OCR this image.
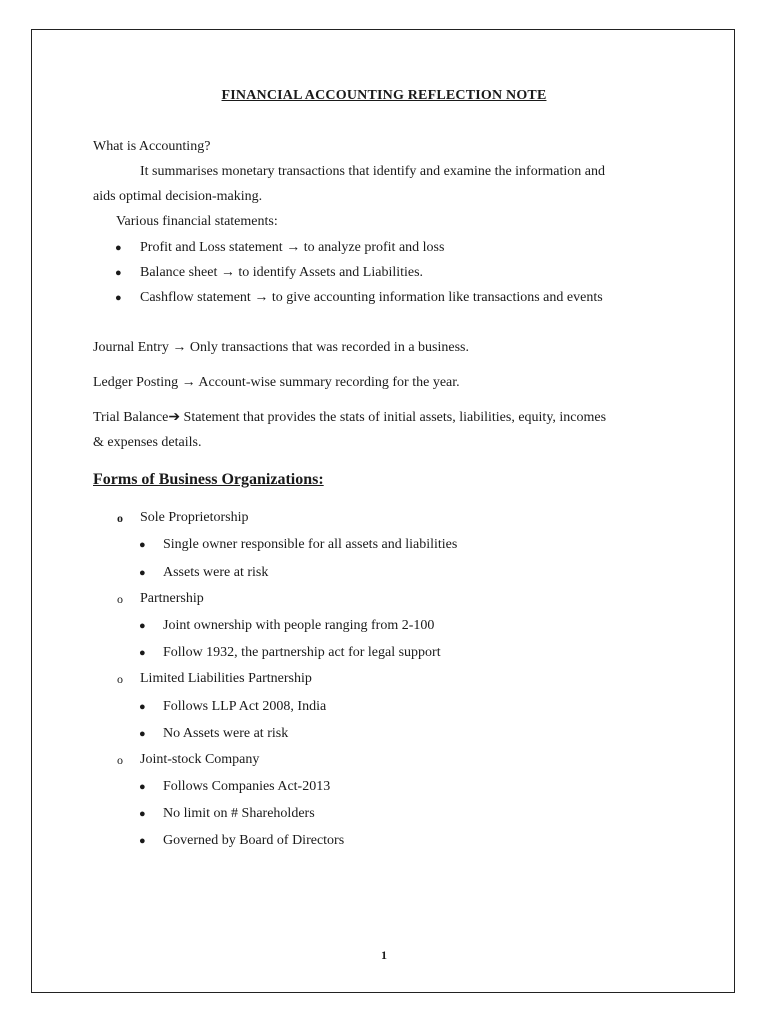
FINANCIAL ACCOUNTING REFLECTION NOTE
What is Accounting?
It summarises monetary transactions that identify and examine the information and
aids optimal decision-making.
Various financial statements:
● Profit and Loss statement → to analyze profit and loss
● Balance sheet → to identify Assets and Liabilities.
● Cashflow statement → to give accounting information like transactions and events
Journal Entry → Only transactions that was recorded in a business.
Ledger Posting → Account-wise summary recording for the year.
Trial Balance➔ Statement that provides the stats of initial assets, liabilities, equity, incomes
& expenses details.
Forms of Business Organizations:
o Sole Proprietorship
● Single owner responsible for all assets and liabilities
● Assets were at risk
o Partnership
● Joint ownership with people ranging from 2-100
● Follow 1932, the partnership act for legal support
o Limited Liabilities Partnership
● Follows LLP Act 2008, India
● No Assets were at risk
o Joint-stock Company
● Follows Companies Act-2013
● No limit on # Shareholders
● Governed by Board of Directors
1
